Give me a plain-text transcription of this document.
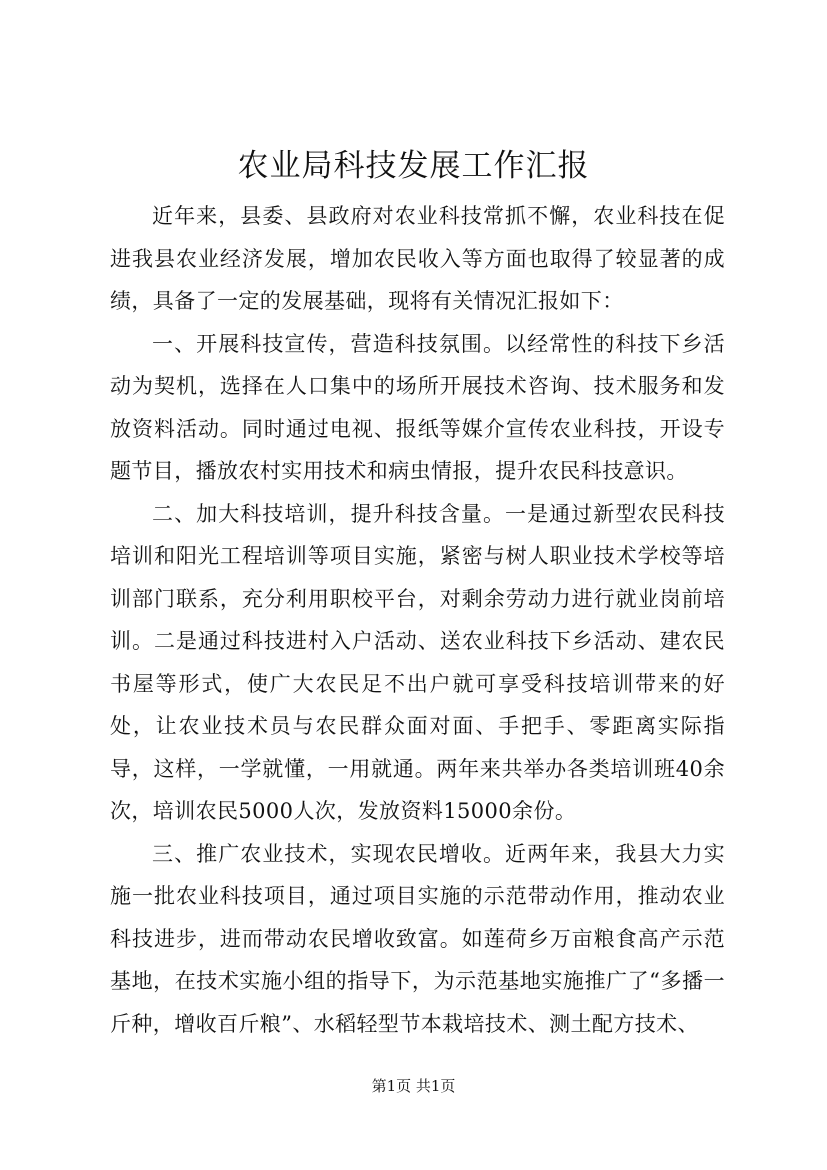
农业局科技发展工作汇报

近年来，县委、县政府对农业科技常抓不懈，农业科技在促进我县农业经济发展，增加农民收入等方面也取得了较显著的成绩，具备了一定的发展基础，现将有关情况汇报如下：

一、开展科技宣传，营造科技氛围。以经常性的科技下乡活动为契机，选择在人口集中的场所开展技术咨询、技术服务和发放资料活动。同时通过电视、报纸等媒介宣传农业科技，开设专题节目，播放农村实用技术和病虫情报，提升农民科技意识。

二、加大科技培训，提升科技含量。一是通过新型农民科技培训和阳光工程培训等项目实施，紧密与树人职业技术学校等培训部门联系，充分利用职校平台，对剩余劳动力进行就业岗前培训。二是通过科技进村入户活动、送农业科技下乡活动、建农民书屋等形式，使广大农民足不出户就可享受科技培训带来的好处，让农业技术员与农民群众面对面、手把手、零距离实际指导，这样，一学就懂，一用就通。两年来共举办各类培训班40余次，培训农民5000人次，发放资料15000余份。

三、推广农业技术，实现农民增收。近两年来，我县大力实施一批农业科技项目，通过项目实施的示范带动作用，推动农业科技进步，进而带动农民增收致富。如莲荷乡万亩粮食高产示范基地，在技术实施小组的指导下，为示范基地实施推广了“多播一斤种，增收百斤粮”、水稻轻型节本栽培技术、测土配方技术、

第1页 共1页
